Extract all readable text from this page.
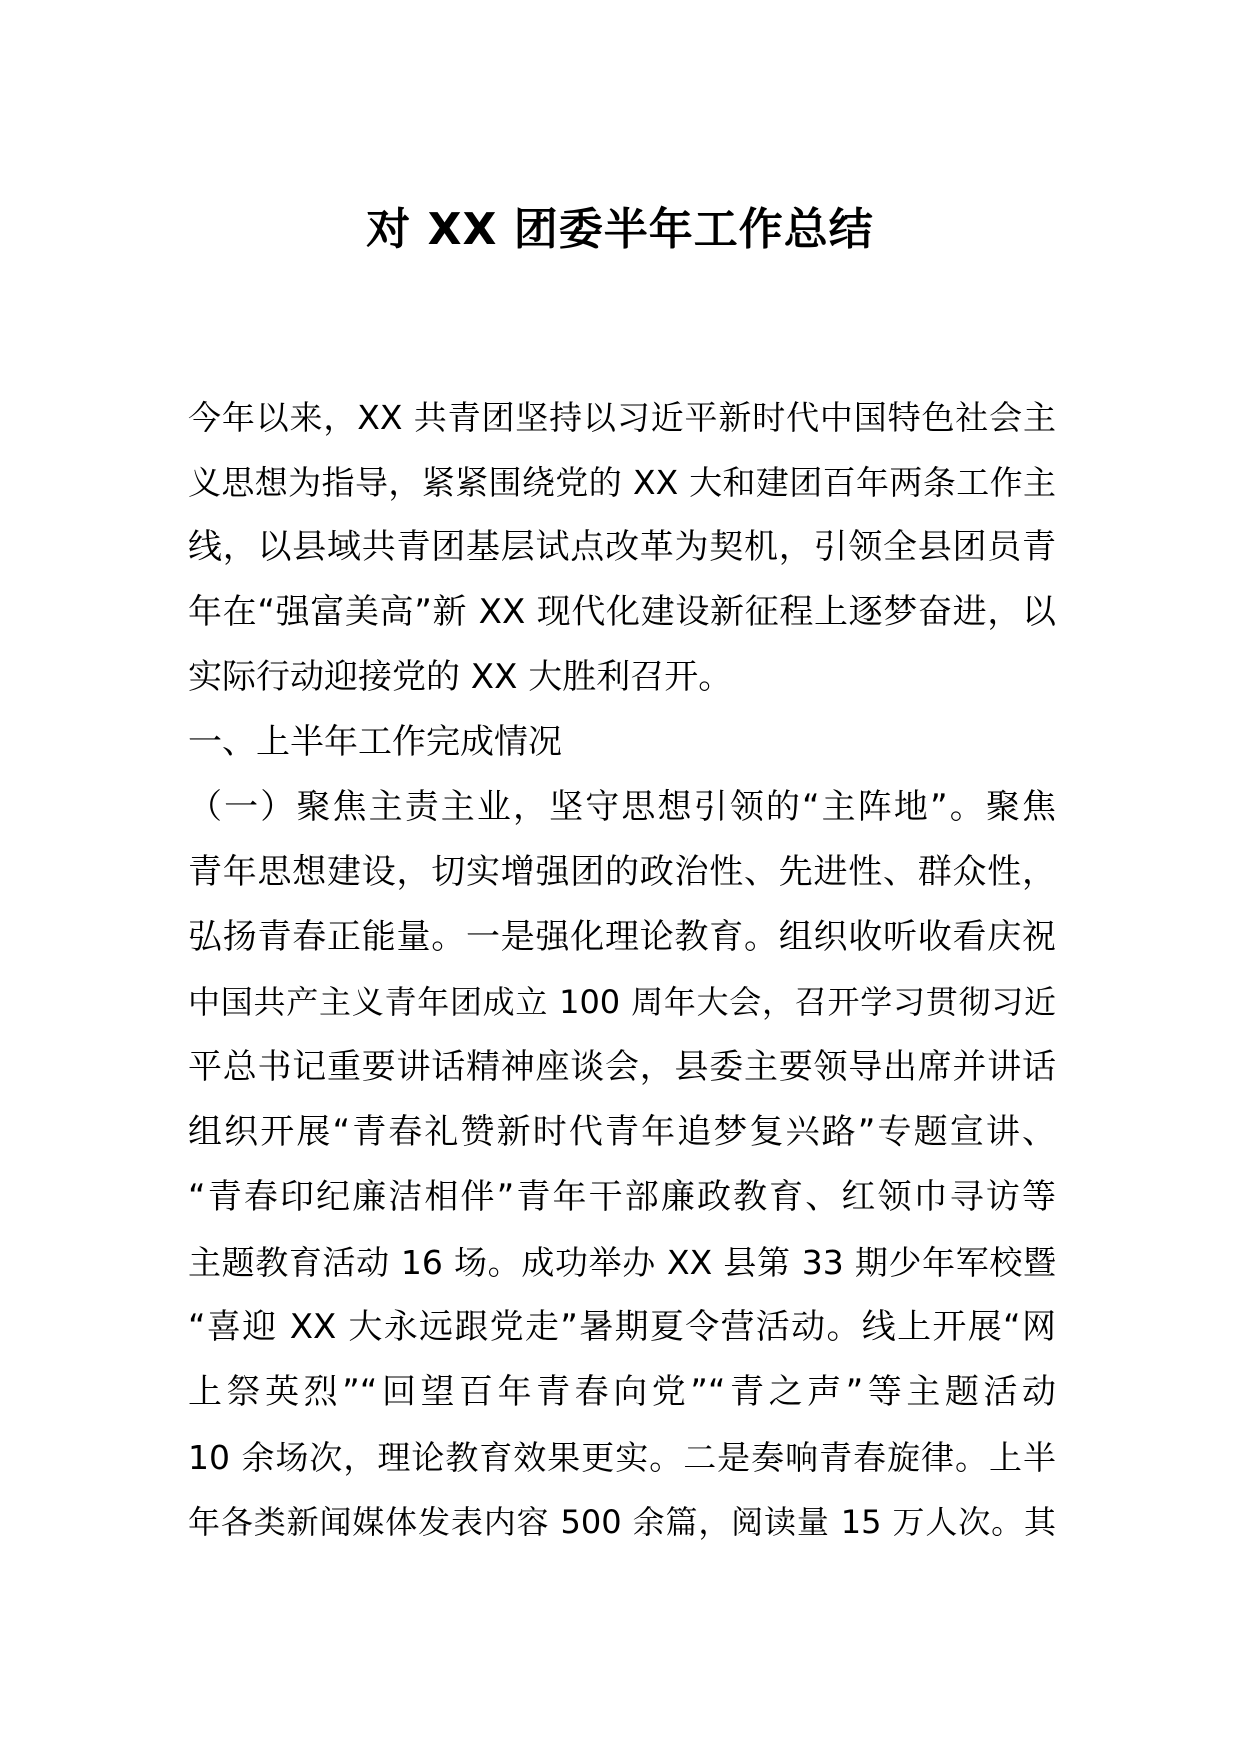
对 XX 团委半年工作总结
今年以来，XX 共青团坚持以习近平新时代中国特色社会主
义思想为指导，紧紧围绕党的 XX 大和建团百年两条工作主
线，以县域共青团基层试点改革为契机，引领全县团员青
年在“强富美高”新 XX 现代化建设新征程上逐梦奋进，以
实际行动迎接党的 XX 大胜利召开。
一、上半年工作完成情况
（一）聚焦主责主业，坚守思想引领的“主阵地”。聚焦
青年思想建设，切实增强团的政治性、先进性、群众性，
弘扬青春正能量。一是强化理论教育。组织收听收看庆祝
中国共产主义青年团成立 100 周年大会，召开学习贯彻习近
平总书记重要讲话精神座谈会，县委主要领导出席并讲话
组织开展“青春礼赞新时代青年追梦复兴路”专题宣讲、
“青春印纪廉洁相伴”青年干部廉政教育、红领巾寻访等
主题教育活动 16 场。成功举办 XX 县第 33 期少年军校暨
“喜迎 XX 大永远跟党走”暑期夏令营活动。线上开展“网
上祭英烈”“回望百年青春向党”“青之声”等主题活动
10 余场次，理论教育效果更实。二是奏响青春旋律。上半
年各类新闻媒体发表内容 500 余篇，阅读量 15 万人次。其
